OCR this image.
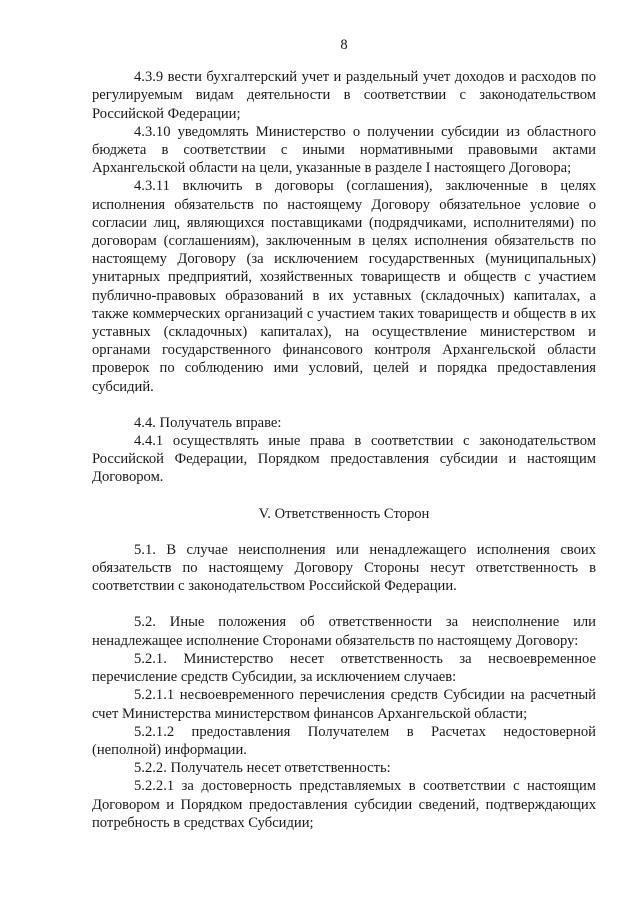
8

4.3.9 вести бухгалтерский учет и раздельный учет доходов и расходов по регулируемым видам деятельности в соответствии с законодательством Российской Федерации;

4.3.10 уведомлять Министерство о получении субсидии из областного бюджета в соответствии с иными нормативными правовыми актами Архангельской области на цели, указанные в разделе I настоящего Договора;

4.3.11 включить в договоры (соглашения), заключенные в целях исполнения обязательств по настоящему Договору обязательное условие о согласии лиц, являющихся поставщиками (подрядчиками, исполнителями) по договорам (соглашениям), заключенным в целях исполнения обязательств по настоящему Договору (за исключением государственных (муниципальных) унитарных предприятий, хозяйственных товариществ и обществ с участием публично-правовых образований в их уставных (складочных) капиталах, а также коммерческих организаций с участием таких товариществ и обществ в их уставных (складочных) капиталах), на осуществление министерством и органами государственного финансового контроля Архангельской области проверок по соблюдению ими условий, целей и порядка предоставления субсидий.

4.4. Получатель вправе:

4.4.1 осуществлять иные права в соответствии с законодательством Российской Федерации, Порядком предоставления субсидии и настоящим Договором.

V. Ответственность Сторон

5.1. В случае неисполнения или ненадлежащего исполнения своих обязательств по настоящему Договору Стороны несут ответственность в соответствии с законодательством Российской Федерации.

5.2. Иные положения об ответственности за неисполнение или ненадлежащее исполнение Сторонами обязательств по настоящему Договору:

5.2.1. Министерство несет ответственность за несвоевременное перечисление средств Субсидии, за исключением случаев:

5.2.1.1 несвоевременного перечисления средств Субсидии на расчетный счет Министерства министерством финансов Архангельской области;

5.2.1.2 предоставления Получателем в Расчетах недостоверной (неполной) информации.

5.2.2. Получатель несет ответственность:

5.2.2.1 за достоверность представляемых в соответствии с настоящим Договором и Порядком предоставления субсидии сведений, подтверждающих потребность в средствах Субсидии;
